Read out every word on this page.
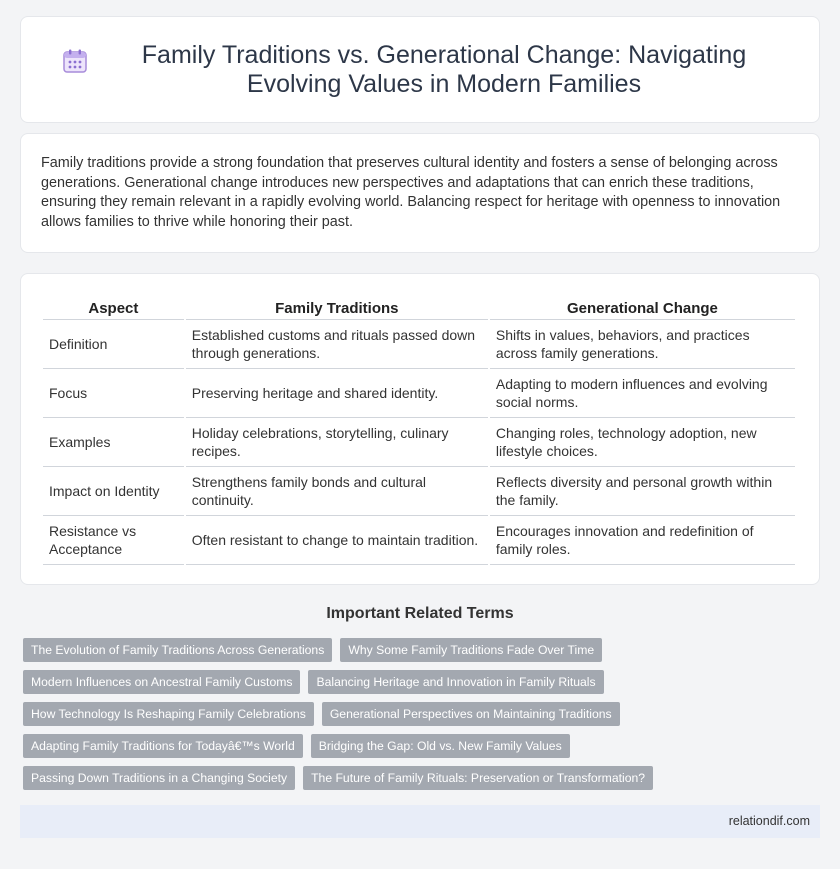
Family Traditions vs. Generational Change: Navigating Evolving Values in Modern Families

Family traditions provide a strong foundation that preserves cultural identity and fosters a sense of belonging across generations. Generational change introduces new perspectives and adaptations that can enrich these traditions, ensuring they remain relevant in a rapidly evolving world. Balancing respect for heritage with openness to innovation allows families to thrive while honoring their past.

Aspect	Family Traditions	Generational Change
Definition	Established customs and rituals passed down through generations.	Shifts in values, behaviors, and practices across family generations.
Focus	Preserving heritage and shared identity.	Adapting to modern influences and evolving social norms.
Examples	Holiday celebrations, storytelling, culinary recipes.	Changing roles, technology adoption, new lifestyle choices.
Impact on Identity	Strengthens family bonds and cultural continuity.	Reflects diversity and personal growth within the family.
Resistance vs Acceptance	Often resistant to change to maintain tradition.	Encourages innovation and redefinition of family roles.
Important Related Terms
The Evolution of Family Traditions Across Generations	Why Some Family Traditions Fade Over Time
Modern Influences on Ancestral Family Customs	Balancing Heritage and Innovation in Family Rituals
How Technology Is Reshaping Family Celebrations	Generational Perspectives on Maintaining Traditions
Adapting Family Traditions for Todayâ€™s World	Bridging the Gap: Old vs. New Family Values
Passing Down Traditions in a Changing Society	The Future of Family Rituals: Preservation or Transformation?
relationdif.com
